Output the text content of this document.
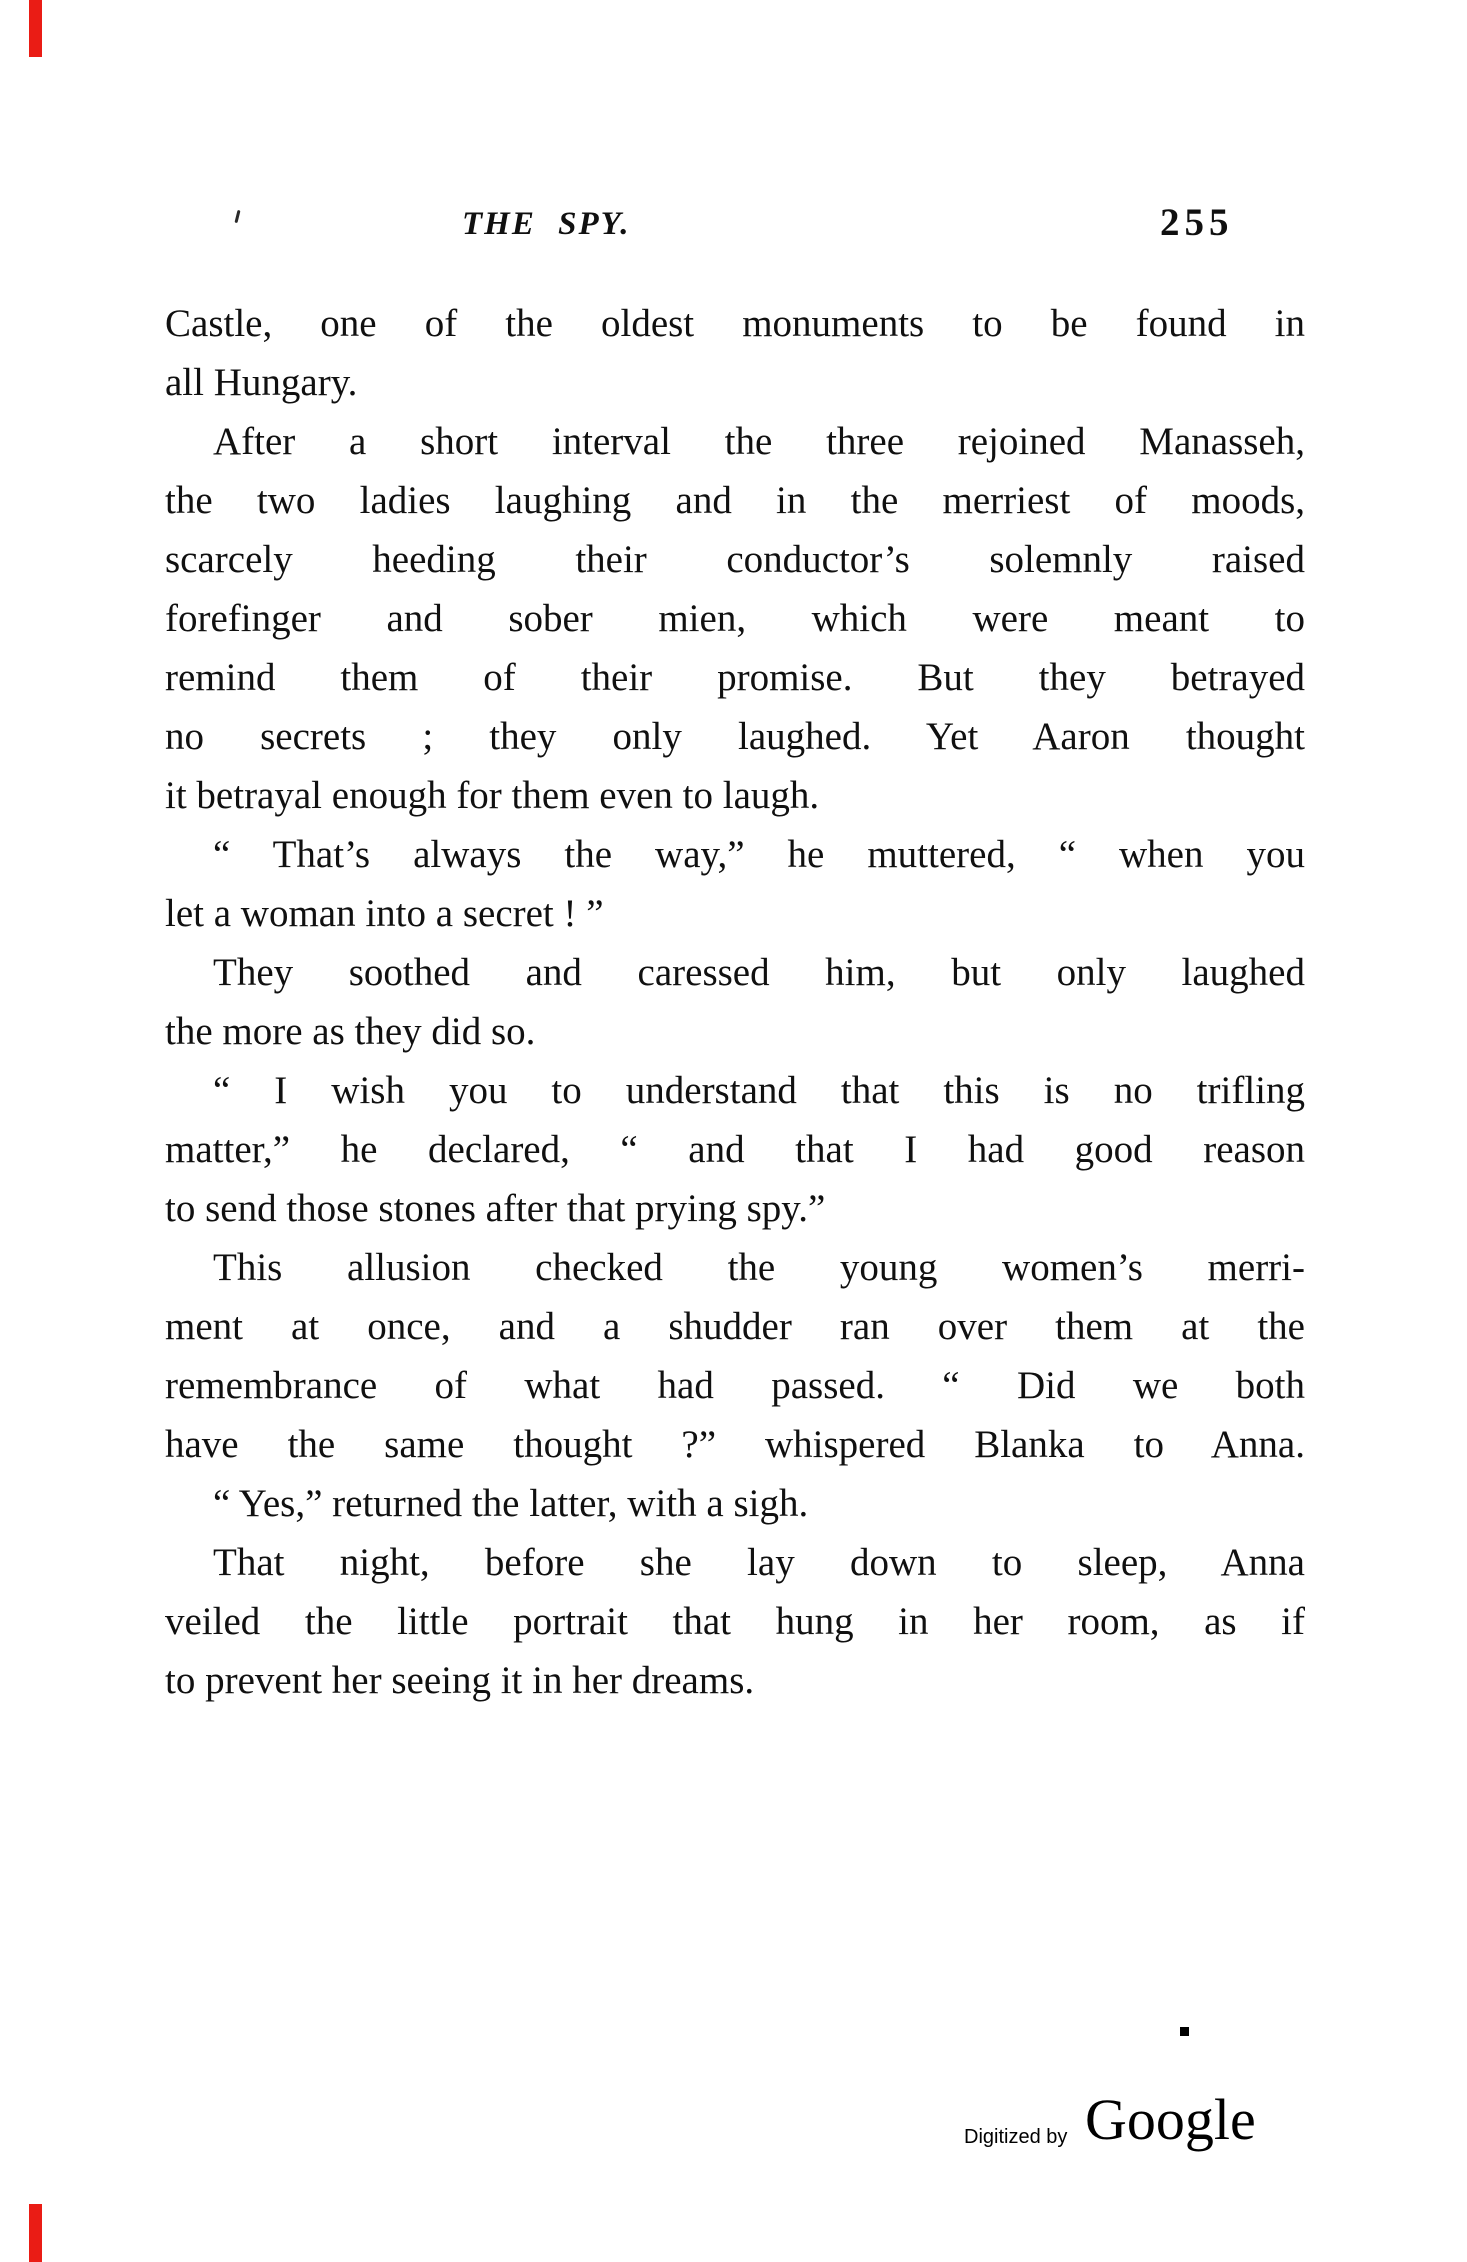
THE SPY.	255
Castle, one of the oldest monuments to be found in
all Hungary.
After a short interval the three rejoined Manasseh,
the two ladies laughing and in the merriest of moods,
scarcely heeding their conductor’s solemnly raised
forefinger and sober mien, which were meant to
remind them of their promise. But they betrayed
no secrets ; they only laughed. Yet Aaron thought
it betrayal enough for them even to laugh.
“ That’s always the way,” he muttered, “ when you
let a woman into a secret ! ”
They soothed and caressed him, but only laughed
the more as they did so.
“ I wish you to understand that this is no trifling
matter,” he declared, “ and that I had good reason
to send those stones after that prying spy.”
This allusion checked the young women’s merri-
ment at once, and a shudder ran over them at the
remembrance of what had passed. “ Did we both
have the same thought ?” whispered Blanka to Anna.
“ Yes,” returned the latter, with a sigh.
That night, before she lay down to sleep, Anna
veiled the little portrait that hung in her room, as if
to prevent her seeing it in her dreams.
Digitized by Google
